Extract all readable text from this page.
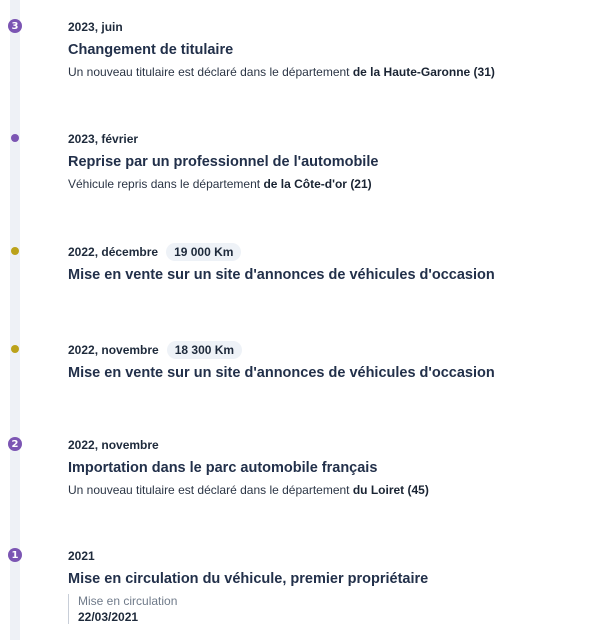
3	2023, juin
Changement de titulaire
Un nouveau titulaire est déclaré dans le département de la Haute-Garonne (31)
2023, février
Reprise par un professionnel de l'automobile
Véhicule repris dans le département de la Côte-d'or (21)
2022, décembre	19 000 Km
Mise en vente sur un site d'annonces de véhicules d'occasion
2022, novembre	18 300 Km
Mise en vente sur un site d'annonces de véhicules d'occasion
2	2022, novembre
Importation dans le parc automobile français
Un nouveau titulaire est déclaré dans le département du Loiret (45)
1	2021
Mise en circulation du véhicule, premier propriétaire
Mise en circulation
22/03/2021
